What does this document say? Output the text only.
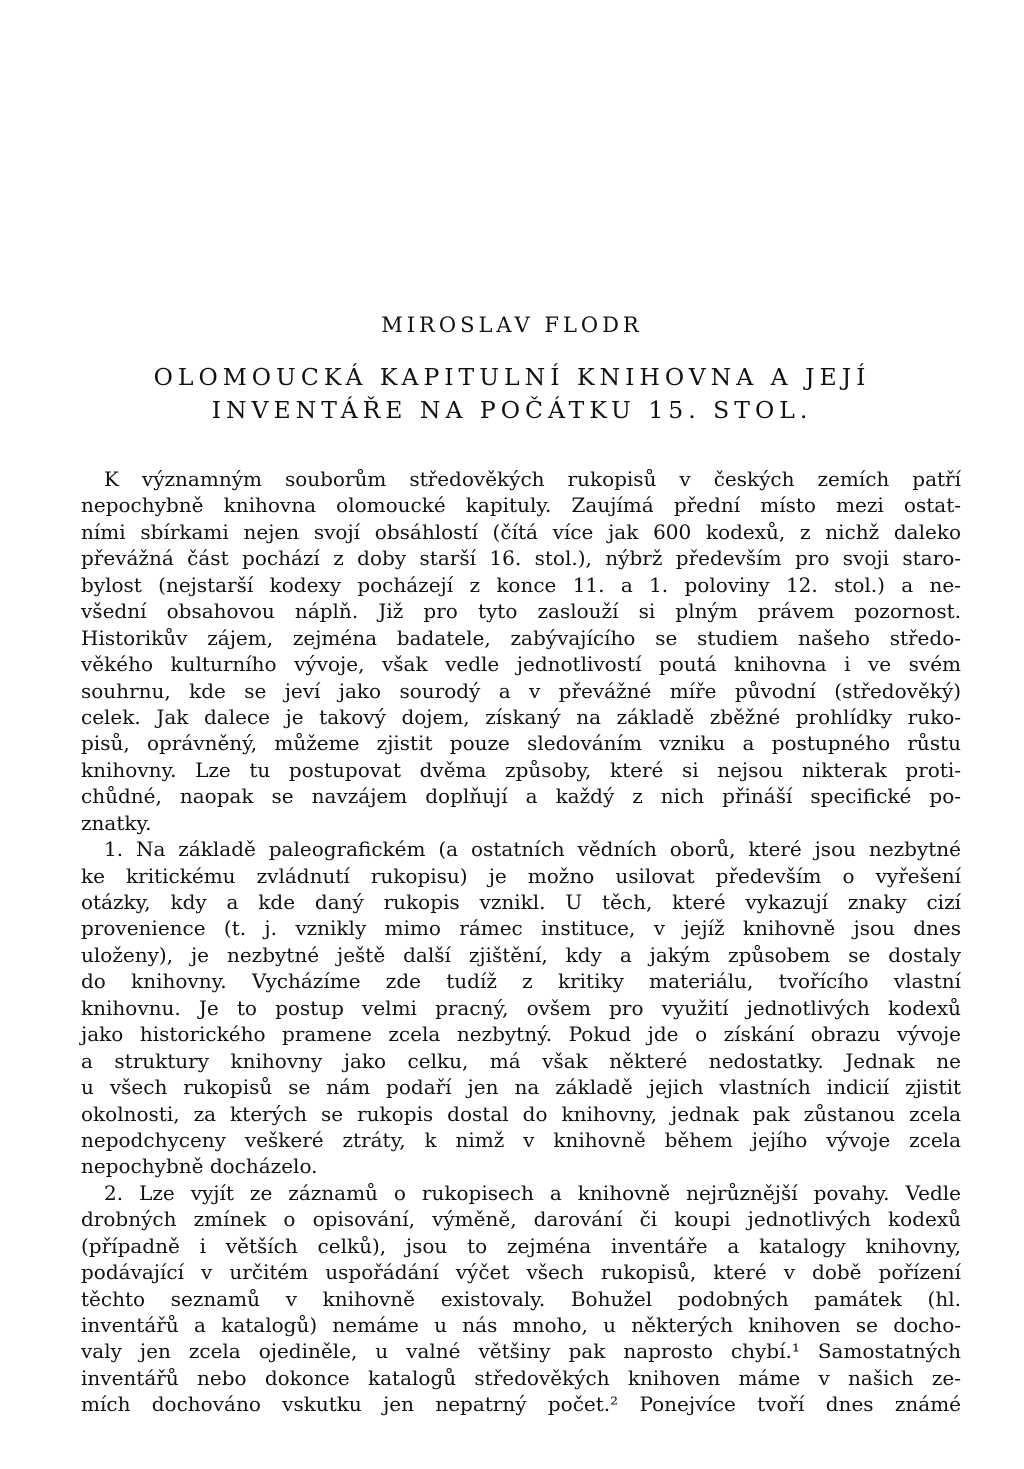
MIROSLAV FLODR
OLOMOUCKÁ KAPITULNÍ KNIHOVNA A JEJÍ
INVENTÁŘE NA POČÁTKU 15. STOL.
K významným souborům středověkých rukopisů v českých zemích patří
nepochybně knihovna olomoucké kapituly. Zaujímá přední místo mezi ostat-
ními sbírkami nejen svojí obsáhlostí (čítá více jak 600 kodexů, z nichž daleko
převážná část pochází z doby starší 16. stol.), nýbrž především pro svoji staro-
bylost (nejstarší kodexy pocházejí z konce 11. a 1. poloviny 12. stol.) a ne-
všední obsahovou náplň. Již pro tyto zaslouží si plným právem pozornost.
Historikův zájem, zejména badatele, zabývajícího se studiem našeho středo-
věkého kulturního vývoje, však vedle jednotlivostí poutá knihovna i ve svém
souhrnu, kde se jeví jako sourodý a v převážné míře původní (středověký)
celek. Jak dalece je takový dojem, získaný na základě zběžné prohlídky ruko-
pisů, oprávněný, můžeme zjistit pouze sledováním vzniku a postupného růstu
knihovny. Lze tu postupovat dvěma způsoby, které si nejsou nikterak proti-
chůdné, naopak se navzájem doplňují a každý z nich přináší specifické po-
znatky.
1. Na základě paleografickém (a ostatních vědních oborů, které jsou nezbytné
ke kritickému zvládnutí rukopisu) je možno usilovat především o vyřešení
otázky, kdy a kde daný rukopis vznikl. U těch, které vykazují znaky cizí
provenience (t. j. vznikly mimo rámec instituce, v jejíž knihovně jsou dnes
uloženy), je nezbytné ještě další zjištění, kdy a jakým způsobem se dostaly
do knihovny. Vycházíme zde tudíž z kritiky materiálu, tvořícího vlastní
knihovnu. Je to postup velmi pracný, ovšem pro využití jednotlivých kodexů
jako historického pramene zcela nezbytný. Pokud jde o získání obrazu vývoje
a struktury knihovny jako celku, má však některé nedostatky. Jednak ne
u všech rukopisů se nám podaří jen na základě jejich vlastních indicií zjistit
okolnosti, za kterých se rukopis dostal do knihovny, jednak pak zůstanou zcela
nepodchyceny veškeré ztráty, k nimž v knihovně během jejího vývoje zcela
nepochybně docházelo.
2. Lze vyjít ze záznamů o rukopisech a knihovně nejrůznější povahy. Vedle
drobných zmínek o opisování, výměně, darování či koupi jednotlivých kodexů
(případně i větších celků), jsou to zejména inventáře a katalogy knihovny,
podávající v určitém uspořádání výčet všech rukopisů, které v době pořízení
těchto seznamů v knihovně existovaly. Bohužel podobných památek (hl.
inventářů a katalogů) nemáme u nás mnoho, u některých knihoven se docho-
valy jen zcela ojediněle, u valné většiny pak naprosto chybí.¹ Samostatných
inventářů nebo dokonce katalogů středověkých knihoven máme v našich ze-
mích dochováno vskutku jen nepatrný počet.² Ponejvíce tvoří dnes známé
